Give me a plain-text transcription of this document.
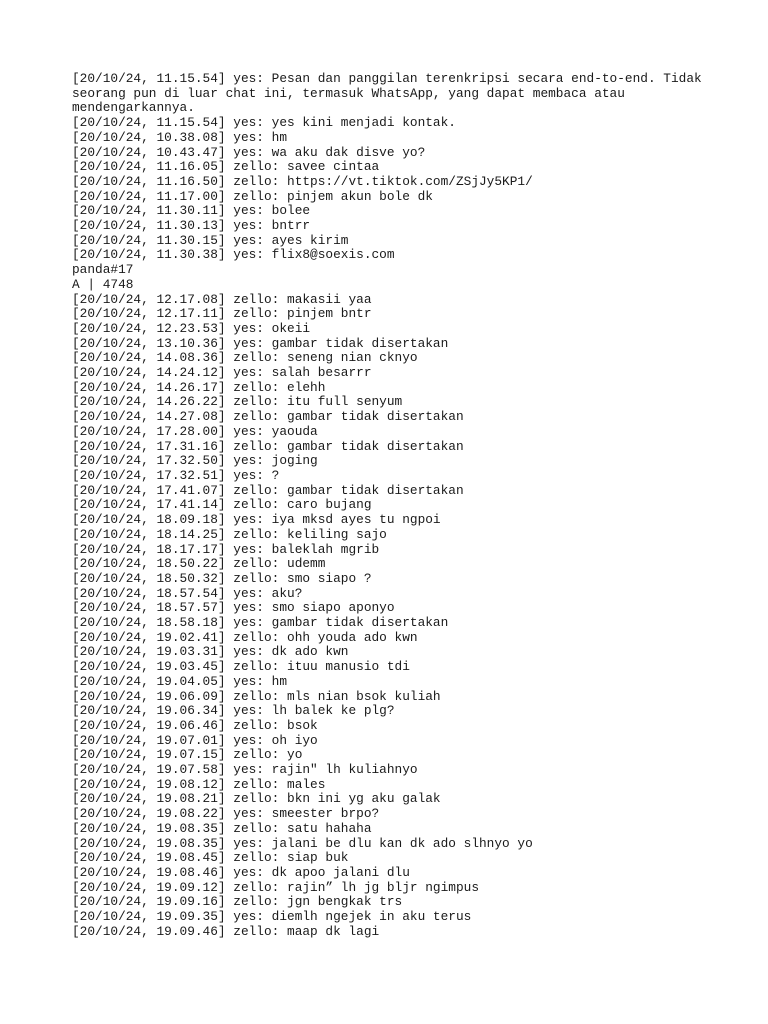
[20/10/24, 11.15.54] yes: Pesan dan panggilan terenkripsi secara end-to-end. Tidak
seorang pun di luar chat ini, termasuk WhatsApp, yang dapat membaca atau
mendengarkannya.
[20/10/24, 11.15.54] yes: yes kini menjadi kontak.
[20/10/24, 10.38.08] yes: hm
[20/10/24, 10.43.47] yes: wa aku dak disve yo?
[20/10/24, 11.16.05] zello: savee cintaa
[20/10/24, 11.16.50] zello: https://vt.tiktok.com/ZSjJy5KP1/
[20/10/24, 11.17.00] zello: pinjem akun bole dk
[20/10/24, 11.30.11] yes: bolee
[20/10/24, 11.30.13] yes: bntrr
[20/10/24, 11.30.15] yes: ayes kirim
[20/10/24, 11.30.38] yes: flix8@soexis.com
panda#17
A | 4748
[20/10/24, 12.17.08] zello: makasii yaa
[20/10/24, 12.17.11] zello: pinjem bntr
[20/10/24, 12.23.53] yes: okeii
[20/10/24, 13.10.36] yes: gambar tidak disertakan
[20/10/24, 14.08.36] zello: seneng nian cknyo
[20/10/24, 14.24.12] yes: salah besarrr
[20/10/24, 14.26.17] zello: elehh
[20/10/24, 14.26.22] zello: itu full senyum
[20/10/24, 14.27.08] zello: gambar tidak disertakan
[20/10/24, 17.28.00] yes: yaouda
[20/10/24, 17.31.16] zello: gambar tidak disertakan
[20/10/24, 17.32.50] yes: joging
[20/10/24, 17.32.51] yes: ?
[20/10/24, 17.41.07] zello: gambar tidak disertakan
[20/10/24, 17.41.14] zello: caro bujang
[20/10/24, 18.09.18] yes: iya mksd ayes tu ngpoi
[20/10/24, 18.14.25] zello: keliling sajo
[20/10/24, 18.17.17] yes: baleklah mgrib
[20/10/24, 18.50.22] zello: udemm
[20/10/24, 18.50.32] zello: smo siapo ?
[20/10/24, 18.57.54] yes: aku?
[20/10/24, 18.57.57] yes: smo siapo aponyo
[20/10/24, 18.58.18] yes: gambar tidak disertakan
[20/10/24, 19.02.41] zello: ohh youda ado kwn
[20/10/24, 19.03.31] yes: dk ado kwn
[20/10/24, 19.03.45] zello: ituu manusio tdi
[20/10/24, 19.04.05] yes: hm
[20/10/24, 19.06.09] zello: mls nian bsok kuliah
[20/10/24, 19.06.34] yes: lh balek ke plg?
[20/10/24, 19.06.46] zello: bsok
[20/10/24, 19.07.01] yes: oh iyo
[20/10/24, 19.07.15] zello: yo
[20/10/24, 19.07.58] yes: rajin" lh kuliahnyo
[20/10/24, 19.08.12] zello: males
[20/10/24, 19.08.21] zello: bkn ini yg aku galak
[20/10/24, 19.08.22] yes: smeester brpo?
[20/10/24, 19.08.35] zello: satu hahaha
[20/10/24, 19.08.35] yes: jalani be dlu kan dk ado slhnyo yo
[20/10/24, 19.08.45] zello: siap buk
[20/10/24, 19.08.46] yes: dk apoo jalani dlu
[20/10/24, 19.09.12] zello: rajin” lh jg bljr ngimpus
[20/10/24, 19.09.16] zello: jgn bengkak trs
[20/10/24, 19.09.35] yes: diemlh ngejek in aku terus
[20/10/24, 19.09.46] zello: maap dk lagi
